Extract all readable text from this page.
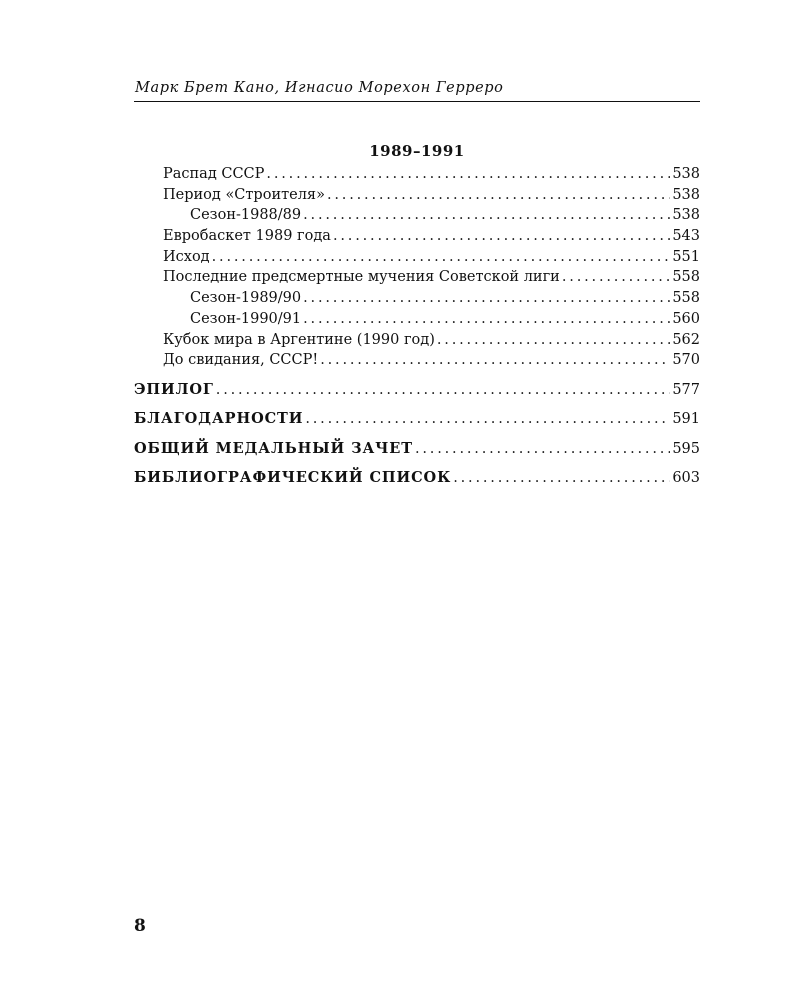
Марк Брет Кано, Игнасио Морехон Герреро
1989–1991
Распад СССР . . .	538
Период «Строителя» . . .	538
Сезон-1988/89 . . .	538
Евробаскет 1989 года . . .	543
Исход . . .	551
Последние предсмертные мучения Советской лиги . . .	558
Сезон-1989/90 . . .	558
Сезон-1990/91 . . .	560
Кубок мира в Аргентине (1990 год) . . .	562
До свидания, СССР! . . .	570
ЭПИЛОГ . . .	577
БЛАГОДАРНОСТИ . . .	591
ОБЩИЙ МЕДАЛЬНЫЙ ЗАЧЕТ . . .	595
БИБЛИОГРАФИЧЕСКИЙ СПИСОК . . .	603
8
